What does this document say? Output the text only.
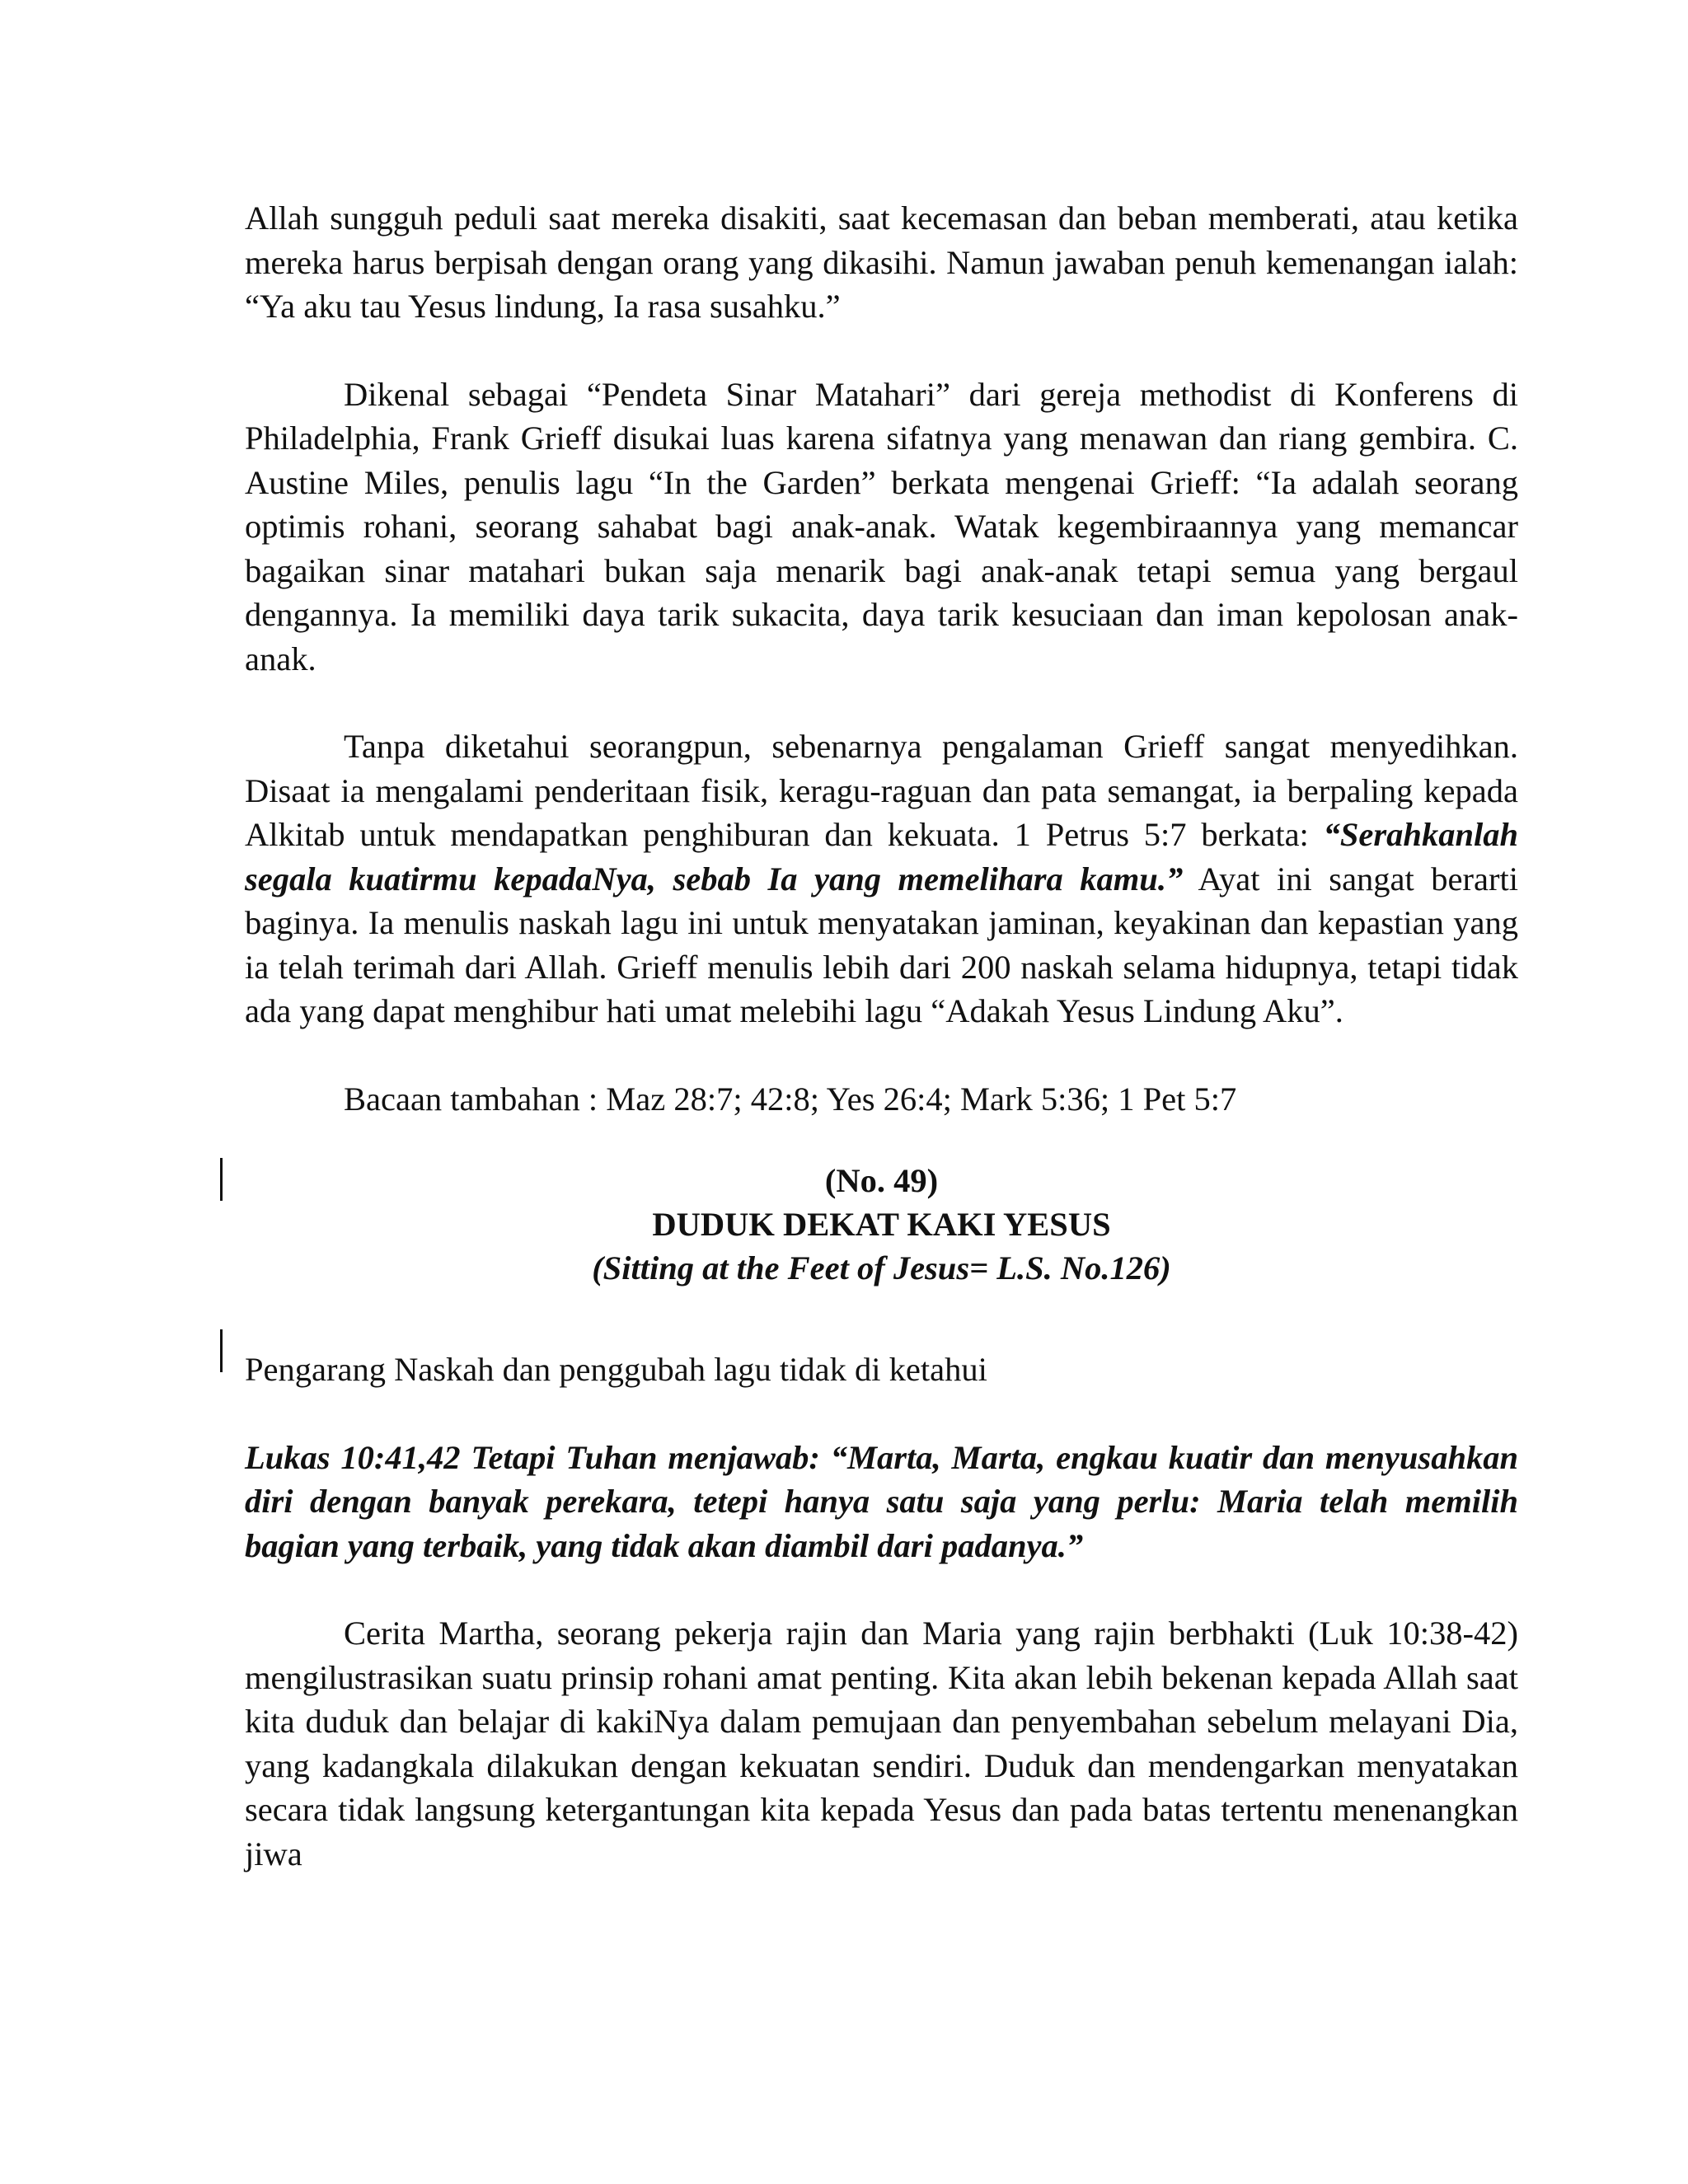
Allah sungguh peduli saat mereka disakiti, saat kecemasan dan beban memberati, atau ketika mereka harus berpisah dengan orang yang dikasihi. Namun jawaban penuh kemenangan ialah: “Ya aku tau Yesus lindung, Ia rasa susahku.”

Dikenal sebagai “Pendeta Sinar Matahari” dari gereja methodist di Konferens di Philadelphia, Frank Grieff disukai luas karena sifatnya yang menawan dan riang gembira. C. Austine Miles, penulis lagu “In the Garden” berkata mengenai Grieff: “Ia adalah seorang optimis rohani, seorang sahabat bagi anak-anak. Watak kegembiraannya yang memancar bagaikan sinar matahari bukan saja menarik bagi anak-anak tetapi semua yang bergaul dengannya. Ia memiliki daya tarik sukacita, daya tarik kesuciaan dan iman kepolosan anak-anak.

Tanpa diketahui seorangpun, sebenarnya pengalaman Grieff sangat menyedihkan. Disaat ia mengalami penderitaan fisik, keragu-raguan dan pata semangat, ia berpaling kepada Alkitab untuk mendapatkan penghiburan dan kekuata. 1 Petrus 5:7 berkata: “Serahkanlah segala kuatirmu kepadaNya, sebab Ia yang memelihara kamu.” Ayat ini sangat berarti baginya. Ia menulis naskah lagu ini untuk menyatakan jaminan, keyakinan dan kepastian yang ia telah terimah dari Allah. Grieff menulis lebih dari 200 naskah selama hidupnya, tetapi tidak ada yang dapat menghibur hati umat melebihi lagu “Adakah Yesus Lindung Aku”.

Bacaan tambahan : Maz 28:7; 42:8; Yes 26:4; Mark 5:36; 1 Pet 5:7

(No. 49)
DUDUK DEKAT KAKI YESUS
(Sitting at the Feet of Jesus= L.S. No.126)

Pengarang Naskah dan penggubah lagu tidak di ketahui

Lukas 10:41,42 Tetapi Tuhan menjawab: “Marta, Marta, engkau kuatir dan menyusahkan diri dengan banyak perekara, tetepi hanya satu saja yang perlu: Maria telah memilih bagian yang terbaik, yang tidak akan diambil dari padanya.”

Cerita Martha, seorang pekerja rajin dan Maria yang rajin berbhakti (Luk 10:38-42) mengilustrasikan suatu prinsip rohani amat penting. Kita akan lebih bekenan kepada Allah saat kita duduk dan belajar di kakiNya dalam pemujaan dan penyembahan sebelum melayani Dia, yang kadangkala dilakukan dengan kekuatan sendiri. Duduk dan mendengarkan menyatakan secara tidak langsung ketergantungan kita kepada Yesus dan pada batas tertentu menenangkan jiwa
